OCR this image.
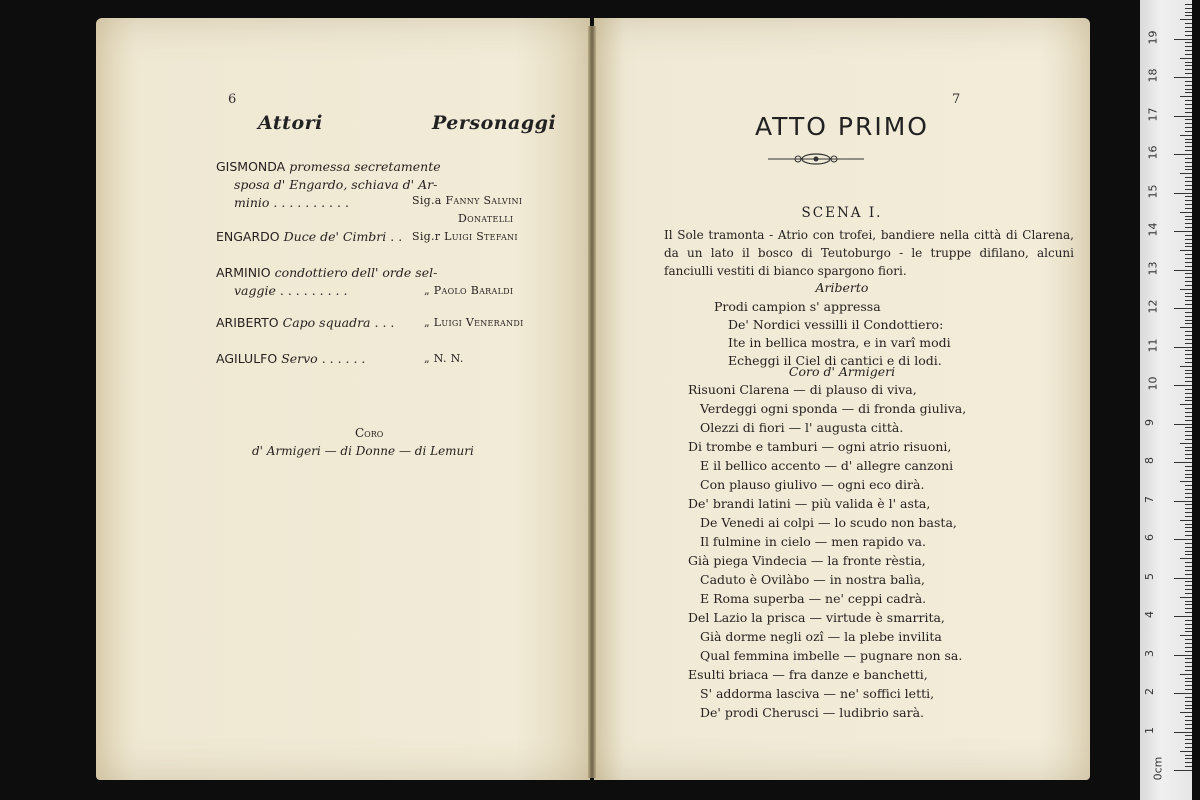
6
Attori	Personaggi
GISMONDA promessa secretamente
sposa d' Engardo, schiava d' Ar-
minio . . . . . . . . . .	Sig.a Fanny Salvini
Donatelli
ENGARDO Duce de' Cimbri . . Sig.r Luigi Stefani
ARMINIO condottiero dell' orde sel-
vaggie . . . . . . . . .	„ Paolo Baraldi
ARIBERTO Capo squadra . . .	„ Luigi Venerandi
AGILULFO Servo . . . . . .	„ N. N.
Coro
d' Armigeri — di Donne — di Lemuri
7
ATTO PRIMO
SCENA I.
Il Sole tramonta - Atrio con trofei, bandiere nella città di Clarena, da un lato il bosco di Teutoburgo - le truppe difilano, alcuni fanciulli vestiti di bianco spargono fiori.
Ariberto
Prodi campion s' appressa
De' Nordici vessilli il Condottiero:
Ite in bellica mostra, e in varî modi
Echeggi il Ciel di cantici e di lodi.
Coro d' Armigeri
Risuoni Clarena — di plauso di viva,
Verdeggi ogni sponda — di fronda giuliva,
Olezzi di fiori — l' augusta città.
Di trombe e tamburi — ogni atrio risuoni,
E il bellico accento — d' allegre canzoni
Con plauso giulivo — ogni eco dirà.
De' brandi latini — più valida è l' asta,
De Venedi ai colpi — lo scudo non basta,
Il fulmine in cielo — men rapido va.
Già piega Vindecia — la fronte rèstia,
Caduto è Ovilàbo — in nostra balìa,
E Roma superba — ne' ceppi cadrà.
Del Lazio la prisca — virtude è smarrita,
Già dorme negli ozî — la plebe invilita
Qual femmina imbelle — pugnare non sa.
Esulti briaca — fra danze e banchetti,
S' addorma lasciva — ne' soffici letti,
De' prodi Cherusci — ludibrio sarà.
0cm
1
2
3
4
5
6
7
8
9
10
11
12
13
14
15
16
17
18
19
